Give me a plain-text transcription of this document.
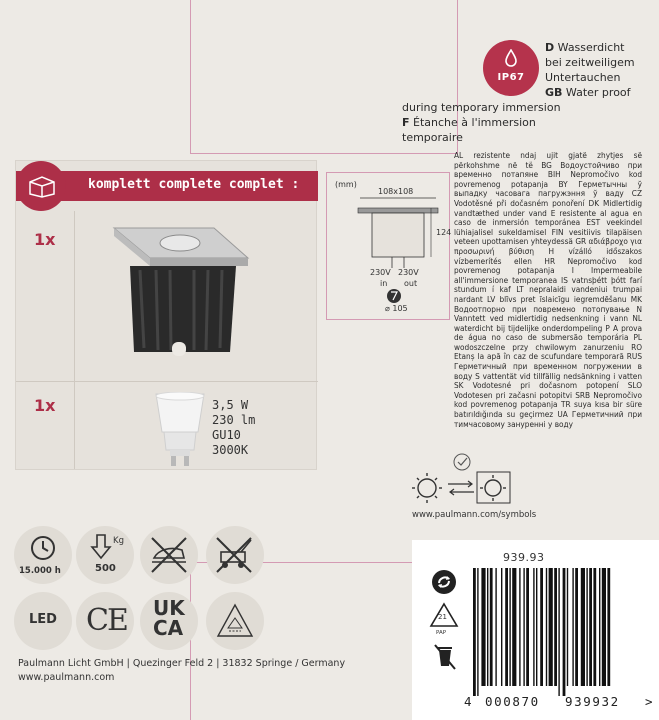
IP67
D Wasserdicht
bei zeitweiligem
Untertauchen
GB Water proof
during temporary immersion
F Étanche à l'immersion
temporaire
AL rezistente ndaj ujit gjatë zhytjes së përkohshme në tё BG Водоустойчиво при временно потапяне BIH Nepromočivo kod povremenog potapanja BY Герметычны ў выпадку часовага пагружэння ў ваду CZ Vodotěsné při dočasném ponoření DK Midlertidig vandtæthed under vand E resistente al agua en caso de inmersión temporánea EST veekindel lühiajalisel sukeldamisel FIN vesitiivis tilapäisen veteen upottamisen yhteydessä GR αδιάβροχο για προσωρινή βύθιση H vízálló időszakos vízbemerítés ellen HR Nepromočivo kod povremenog potapanja I Impermeabile all'immersione temporanea IS vatnsþétt þótt farí stundum í kaf LT nepralaidi vandeniui trumpai nardant LV blīvs pret īslaicīgu iegremdēšanu MK Водоотпорно при повремено потопување N Vanntett ved midlertidig nedsenkning i vann NL waterdicht bij tijdelijke onderdompeling P A prova de água no caso de submersão temporária PL wodoszczelne przy chwilowym zanurzeniu RO Etanș la apă în caz de scufundare temporară RUS Герметичный при временном погружении в воду S vattentät vid tillfällig nedsänkning i vatten SK Vodotesné pri dočasnom potopení SLO Vodotesen pri začasni potopitvi SRB Nepromočivo kod povremenog potapanja TR suya kısa bir süre batırıldığında su geçirmez UA Герметичний при тимчасовому зануренні у воду
komplett complete complet :
1x
1x	3,5 W
230 lm
GU10
3000K
(mm)
108x108
124
230V 230V
in out
⌀ 105
www.paulmann.com/symbols
15.000 h
Kg
500
LED CE UK
CA
Paulmann Licht GmbH | Quezinger Feld 2 | 31832 Springe / Germany
www.paulmann.com
939.93
21
PAP
4 000870 939932 >
